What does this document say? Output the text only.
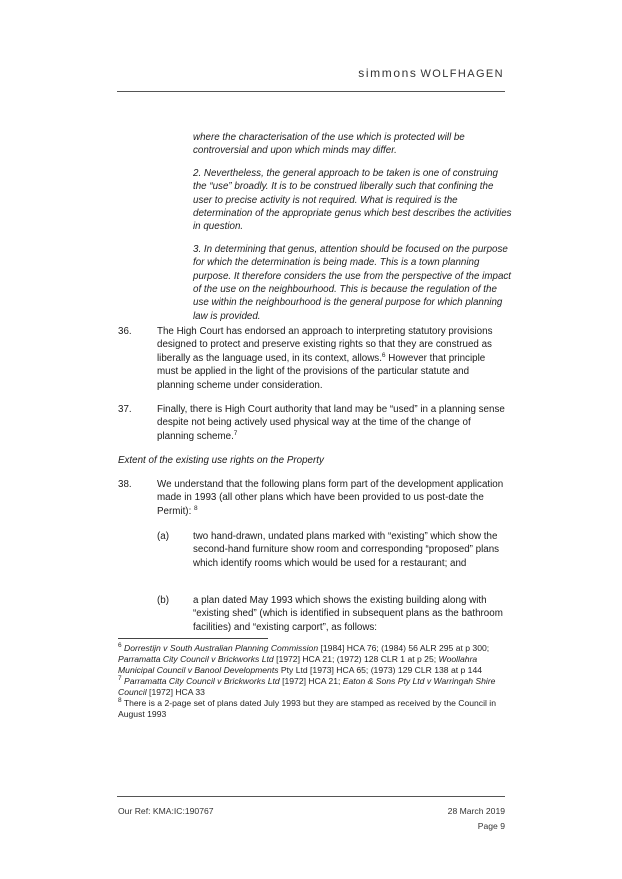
simmons WOLFHAGEN

where the characterisation of the use which is protected will be controversial and upon which minds may differ.

2. Nevertheless, the general approach to be taken is one of construing the “use” broadly. It is to be construed liberally such that confining the user to precise activity is not required. What is required is the determination of the appropriate genus which best describes the activities in question.

3. In determining that genus, attention should be focused on the purpose for which the determination is being made. This is a town planning purpose. It therefore considers the use from the perspective of the impact of the use on the neighbourhood. This is because the regulation of the use within the neighbourhood is the general purpose for which planning law is provided.

36.	The High Court has endorsed an approach to interpreting statutory provisions designed to protect and preserve existing rights so that they are construed as liberally as the language used, in its context, allows.$^6$ However that principle must be applied in the light of the provisions of the particular statute and planning scheme under consideration.
37.	Finally, there is High Court authority that land may be “used” in a planning sense despite not being actively used physical way at the time of the change of planning scheme.$^7$
Extent of the existing use rights on the Property
38.	We understand that the following plans form part of the development application made in 1993 (all other plans which have been provided to us post-date the Permit): $^8$
(a) two hand-drawn, undated plans marked with “existing” which show the second-hand furniture show room and corresponding “proposed” plans which identify rooms which would be used for a restaurant; and
(b) a plan dated May 1993 which shows the existing building along with “existing shed” (which is identified in subsequent plans as the bathroom facilities) and “existing carport”, as follows:
$^6$ Dorrestijn v South Australian Planning Commission [1984] HCA 76; (1984) 56 ALR 295 at p 300; Parramatta City Council v Brickworks Ltd [1972] HCA 21; (1972) 128 CLR 1 at p 25; Woollahra Municipal Council v Banool Developments Pty Ltd [1973] HCA 65; (1973) 129 CLR 138 at p 144
$^7$ Parramatta City Council v Brickworks Ltd [1972] HCA 21; Eaton & Sons Pty Ltd v Warringah Shire Council [1972] HCA 33
$^8$ There is a 2-page set of plans dated July 1993 but they are stamped as received by the Council in August 1993
Our Ref: KMA:IC:190767	28 March 2019
Page 9
